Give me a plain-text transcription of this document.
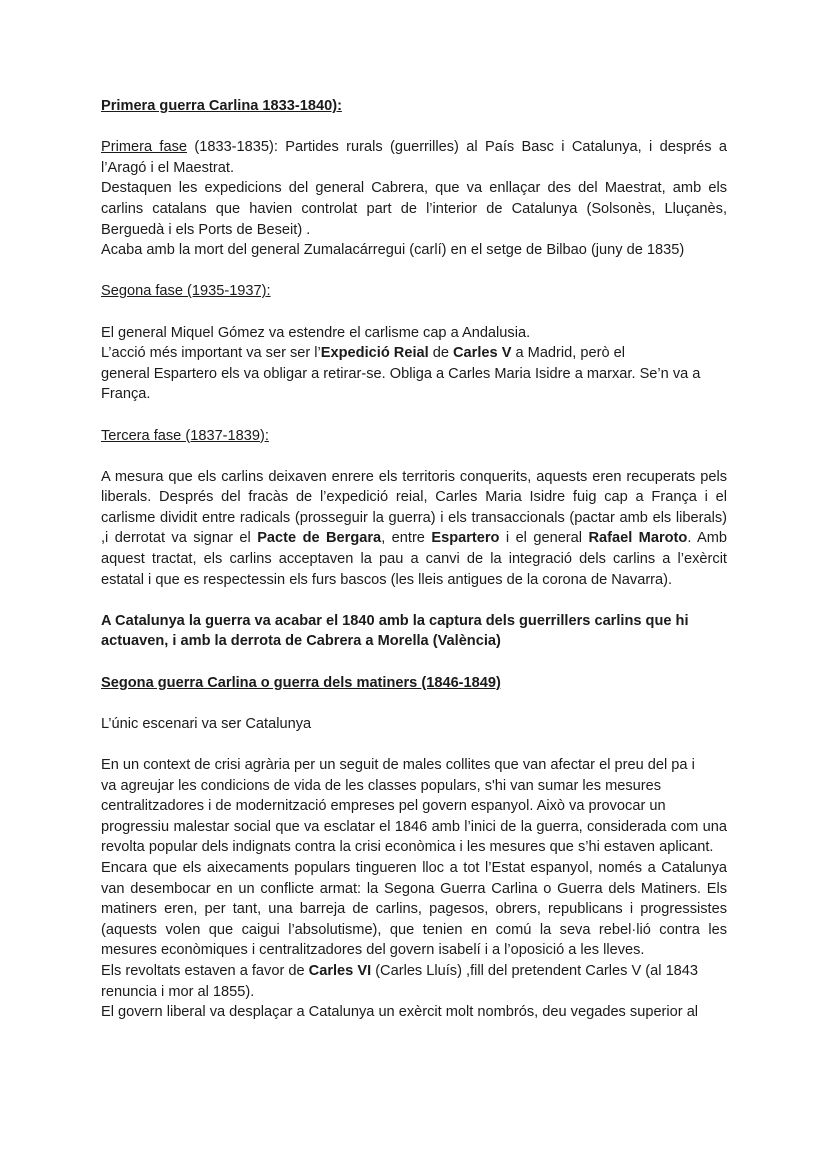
Primera guerra Carlina 1833-1840):

Primera fase (1833-1835): Partides rurals (guerrilles) al País Basc i Catalunya, i després a l’Aragó i el Maestrat.

Destaquen les expedicions del general Cabrera, que va enllaçar des del Maestrat, amb els carlins catalans que havien controlat part de l’interior de Catalunya (Solsonès, Lluçanès, Berguedà i els Ports de Beseit) .

Acaba amb la mort del general Zumalacárregui (carlí) en el setge de Bilbao (juny de 1835)

Segona fase (1935-1937):

El general Miquel Gómez va estendre el carlisme cap a Andalusia.

L’acció més important va ser ser l’Expedició Reial de Carles V a Madrid, però el

general Espartero els va obligar a retirar-se. Obliga a Carles Maria Isidre a marxar. Se’n va a França.

Tercera fase (1837-1839):

A mesura que els carlins deixaven enrere els territoris conquerits, aquests eren recuperats pels liberals. Després del fracàs de l’expedició reial, Carles Maria Isidre fuig cap a França i el carlisme dividit entre radicals (prosseguir la guerra) i els transaccionals (pactar amb els liberals) ,i derrotat va signar el Pacte de Bergara, entre Espartero i el general Rafael Maroto. Amb aquest tractat, els carlins acceptaven la pau a canvi de la integració dels carlins a l’exèrcit estatal i que es respectessin els furs bascos (les lleis antigues de la corona de Navarra).

A Catalunya la guerra va acabar el 1840 amb la captura dels guerrillers carlins que hi actuaven, i amb la derrota de Cabrera a Morella (València)

Segona guerra Carlina o guerra dels matiners (1846-1849)

L’únic escenari va ser Catalunya

En un context de crisi agrària per un seguit de males collites que van afectar el preu del pa i

va agreujar les condicions de vida de les classes populars, s'hi van sumar les mesures

centralitzadores i de modernització empreses pel govern espanyol. Això va provocar un

progressiu malestar social que va esclatar el 1846 amb l’inici de la guerra, considerada com una revolta popular dels indignats contra la crisi econòmica i les mesures que s’hi estaven aplicant.

Encara que els aixecaments populars tingueren lloc a tot l’Estat espanyol, només a Catalunya van desembocar en un conflicte armat: la Segona Guerra Carlina o Guerra dels Matiners. Els matiners eren, per tant, una barreja de carlins, pagesos, obrers, republicans i progressistes (aquests volen que caigui l’absolutisme), que tenien en comú la seva rebel·lió contra les mesures econòmiques i centralitzadores del govern isabelí i a l’oposició a les lleves.

Els revoltats estaven a favor de Carles VI (Carles Lluís) ,fill del pretendent Carles V (al 1843

renuncia i mor al 1855).

El govern liberal va desplaçar a Catalunya un exèrcit molt nombrós, deu vegades superior al
